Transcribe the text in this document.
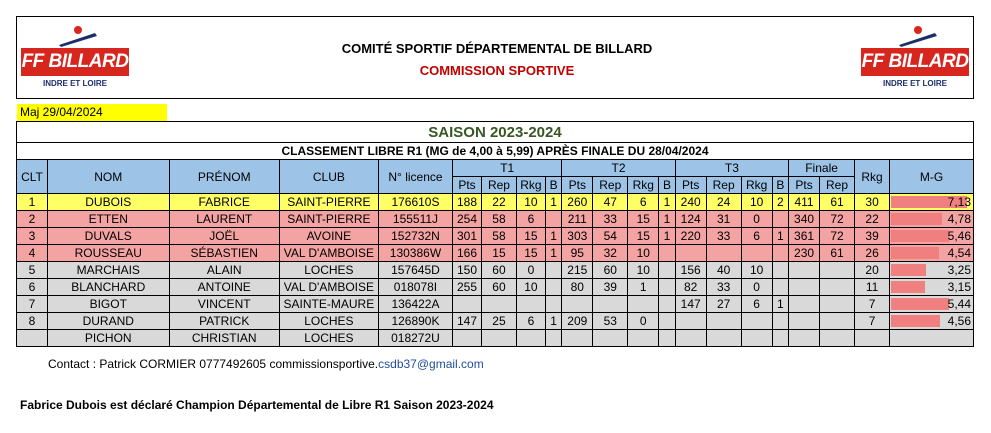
FF BILLARD
INDRE ET LOIRE
COMITÉ SPORTIF DÉPARTEMENTAL DE BILLARD
COMMISSION SPORTIVE	FF BILLARD
INDRE ET LOIRE
Maj 29/04/2024
SAISON 2023-2024																				
CLASSEMENT LIBRE R1 (MG de 4,00 à 5,99) APRÈS FINALE DU 28/04/2024																				
CLT	NOM	PRÉNOM	CLUB	N° licence	T1				T2				T3				Finale		Rkg	M-G
					Pts	Rep	Rkg	B	Pts	Rep	Rkg	B	Pts	Rep	Rkg	B	Pts	Rep		
1	DUBOIS	FABRICE	SAINT-PIERRE	176610S	188	22	10	1	260	47	6	1	240	24	10	2	411	61	30	7,13
2	ETTEN	LAURENT	SAINT-PIERRE	155511J	254	58	6		211	33	15	1	124	31	0		340	72	22	4,78
3	DUVALS	JOËL	AVOINE	152732N	301	58	15	1	303	54	15	1	220	33	6	1	361	72	39	5,46
4	ROUSSEAU	SÉBASTIEN	VAL D'AMBOISE	130386W	166	15	15	1	95	32	10						230	61	26	4,54
5	MARCHAIS	ALAIN	LOCHES	157645D	150	60	0		215	60	10		156	40	10				20	3,25
6	BLANCHARD	ANTOINE	VAL D'AMBOISE	018078I	255	60	10		80	39	1		82	33	0				11	3,15
7	BIGOT	VINCENT	SAINTE-MAURE	136422A									147	27	6	1			7	5,44
8	DURAND	PATRICK	LOCHES	126890K	147	25	6	1	209	53	0								7	4,56
	PICHON	CHRISTIAN	LOCHES	018272U																
Contact : Patrick CORMIER 0777492605 commissionsportive.csdb37@gmail.com
Fabrice Dubois est déclaré Champion Départemental de Libre R1 Saison 2023-2024
